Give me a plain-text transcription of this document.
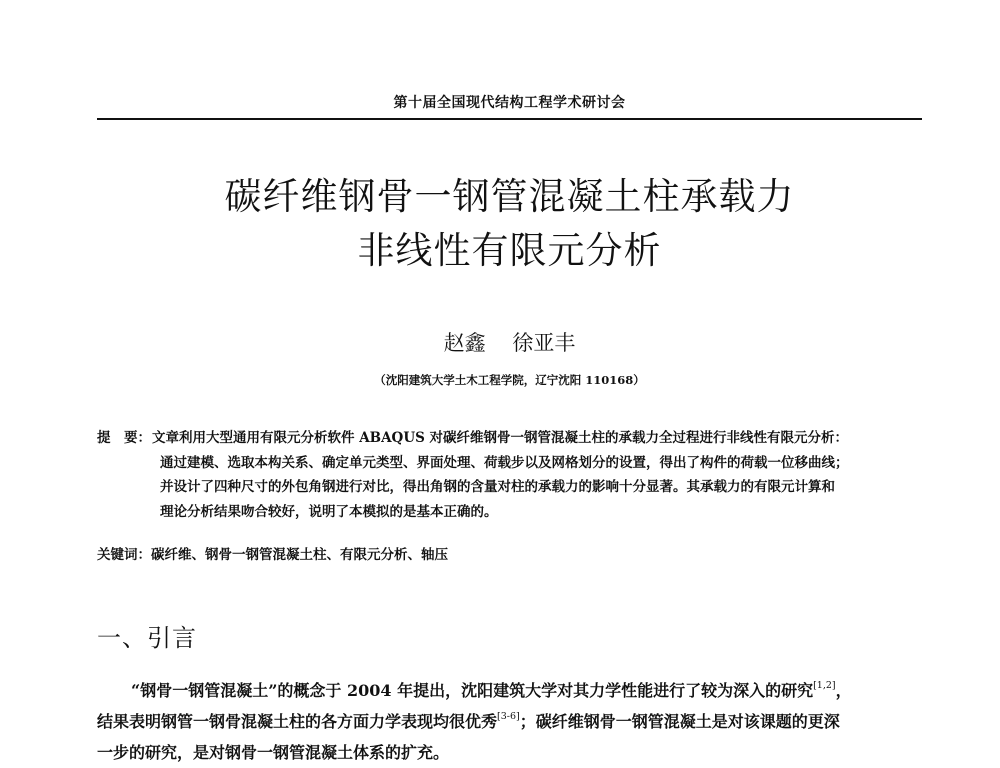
第十届全国现代结构工程学术研讨会
碳纤维钢骨一钢管混凝土柱承载力
非线性有限元分析
赵鑫    徐亚丰
（沈阳建筑大学土木工程学院，辽宁沈阳 110168）
提　要： 文章利用大型通用有限元分析软件 ABAQUS 对碳纤维钢骨一钢管混凝土柱的承载力全过程进行非线性有限元分析：
通过建模、选取本构关系、确定单元类型、界面处理、荷载步以及网格划分的设置，得出了构件的荷载一位移曲线；
并设计了四种尺寸的外包角钢进行对比，得出角钢的含量对柱的承载力的影响十分显著。其承载力的有限元计算和
理论分析结果吻合较好，说明了本模拟的是基本正确的。
关键词：碳纤维、钢骨一钢管混凝土柱、有限元分析、轴压
一、引言
“钢骨一钢管混凝土”的概念于 2004 年提出，沈阳建筑大学对其力学性能进行了较为深入的研究[1,2]，
结果表明钢管一钢骨混凝土柱的各方面力学表现均很优秀[3-6]；碳纤维钢骨一钢管混凝土是对该课题的更深
一步的研究，是对钢骨一钢管混凝土体系的扩充。
